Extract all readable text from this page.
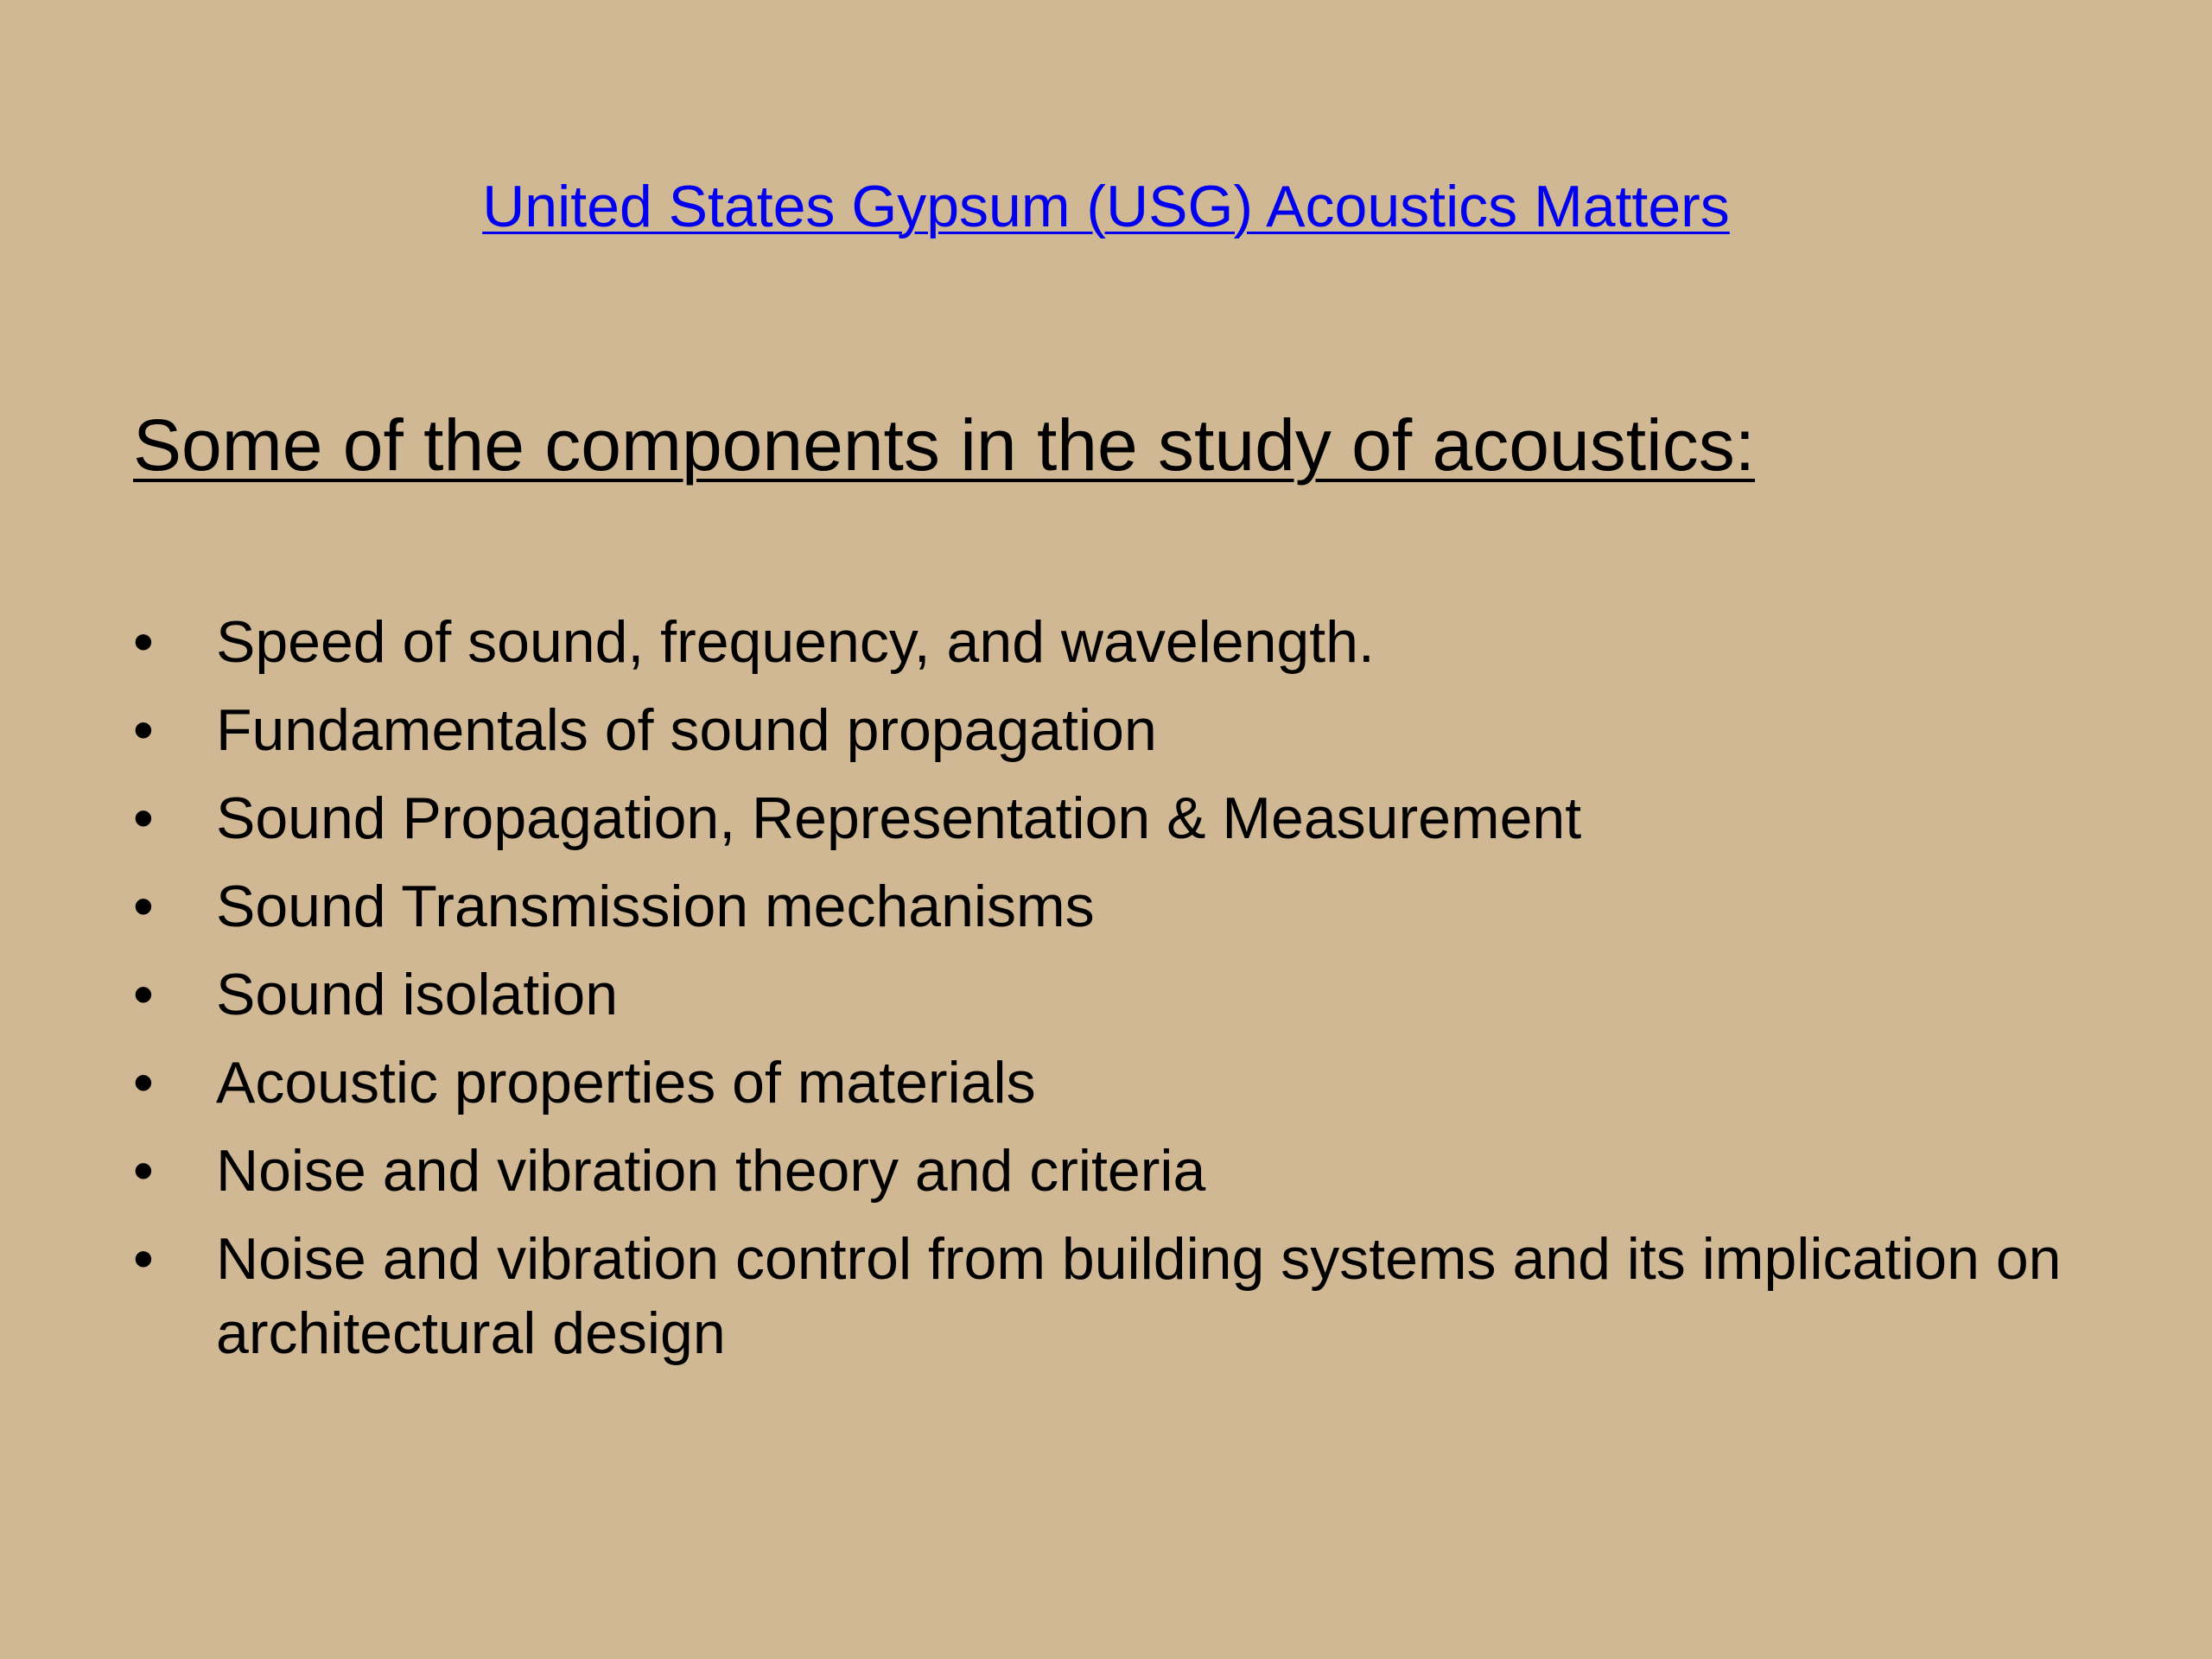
United States Gypsum (USG) Acoustics Matters
Some of the components in the study of acoustics:
• Speed of sound, frequency, and wavelength.
• Fundamentals of sound propagation
• Sound Propagation, Representation & Measurement
• Sound Transmission mechanisms
• Sound isolation
• Acoustic properties of materials
• Noise and vibration theory and criteria
• Noise and vibration control from building systems and its implication on architectural design
